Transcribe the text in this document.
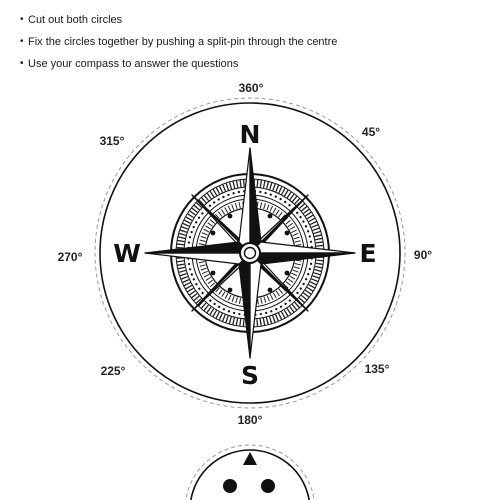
• Cut out both circles
• Fix the circles together by pushing a split-pin through the centre
• Use your compass to answer the questions
360°
45°
90°
135°
180°
225°
270°
315°	N
E
S
W
